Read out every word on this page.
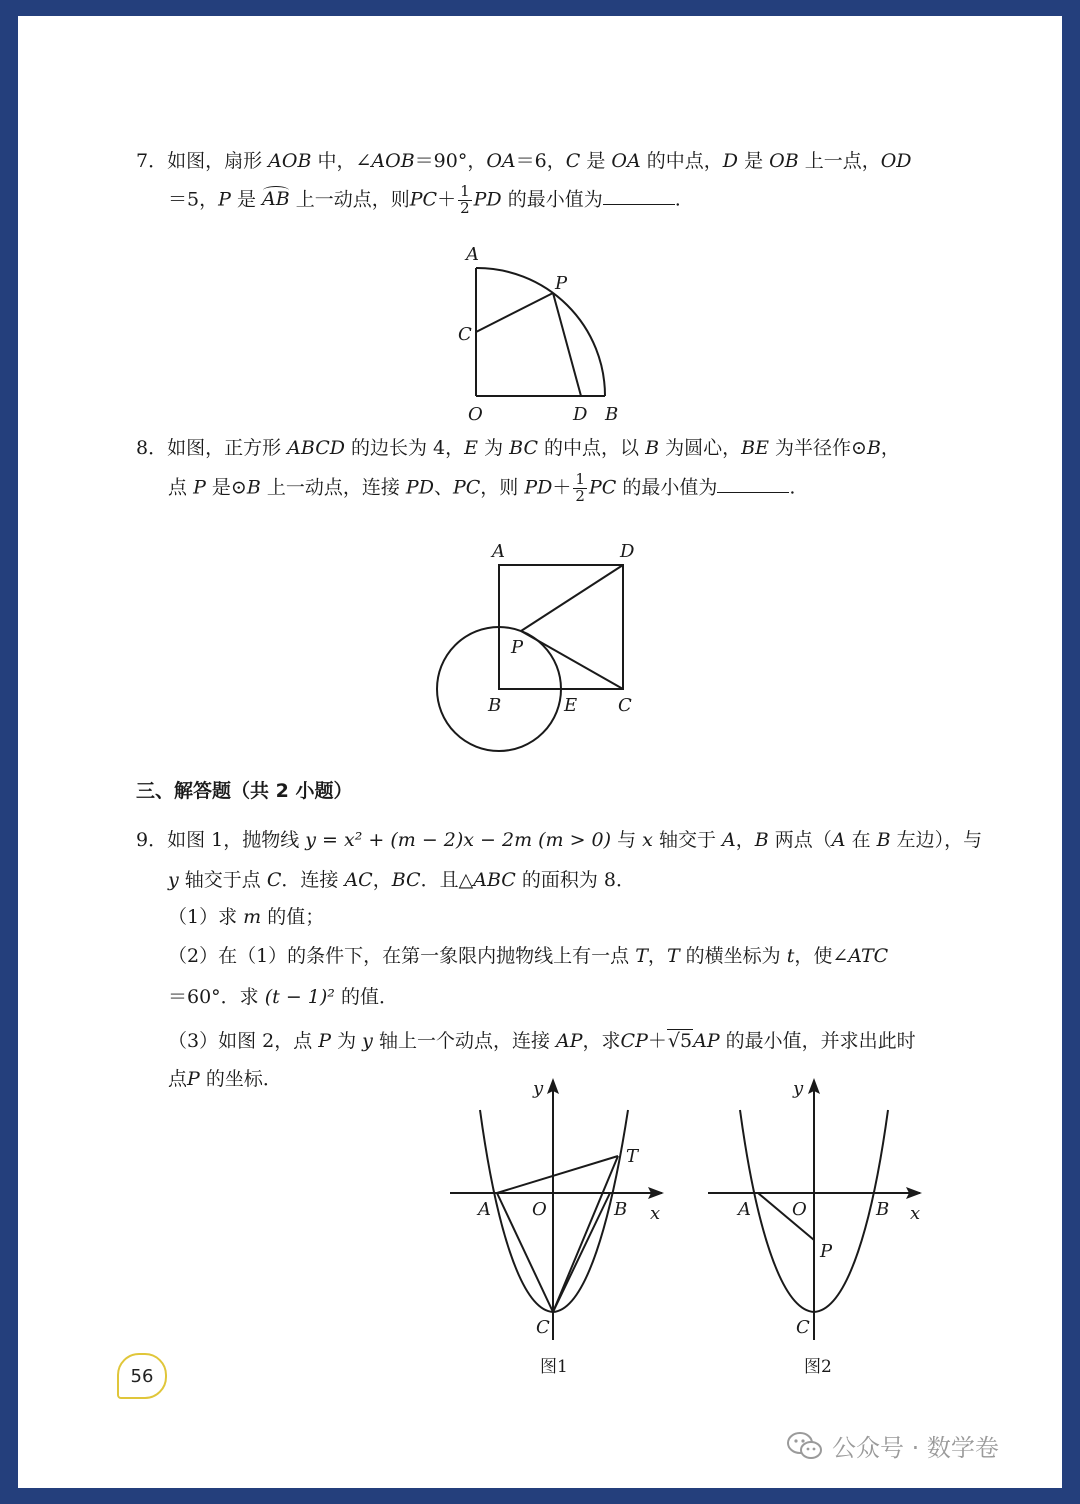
7．如图，扇形 AOB 中，∠AOB＝90°，OA＝6，C 是 OA 的中点，D 是 OB 上一点，OD
＝5，P 是 AB 上一动点，则$PC+ \frac{1}{2}$ PD 的最小值为	.
A
P
C
O	D B
8．如图，正方形 ABCD 的边长为 4，E 为 BC 的中点，以 B 为圆心，BE 为半径作⊙B，
点 P 是⊙B 上一动点，连接 PD、PC，则 $PD+ \frac{1}{2}$ PC 的最小值为	.
A	D
P
B	E C
三、解答题（共 2 小题）
9．如图 1，抛物线 y = x² + (m − 2)x − 2m (m > 0) 与 x 轴交于 A，B 两点（A 在 B 左边），与
y 轴交于点 C．连接 AC，BC．且△ABC 的面积为 8．
（1）求 m 的值；
（2）在（1）的条件下，在第一象限内抛物线上有一点 T，T 的横坐标为 t，使∠ATC
＝60°．求 (t − 1)² 的值．
（3）如图 2，点 P 为 y 轴上一个动点，连接 AP，求CP＋√5AP 的最小值，并求出此时
点P 的坐标．	y
T
A O	B x
C
图1
y
A O	B x
P
C
图2
56
公众号 · 数学卷
